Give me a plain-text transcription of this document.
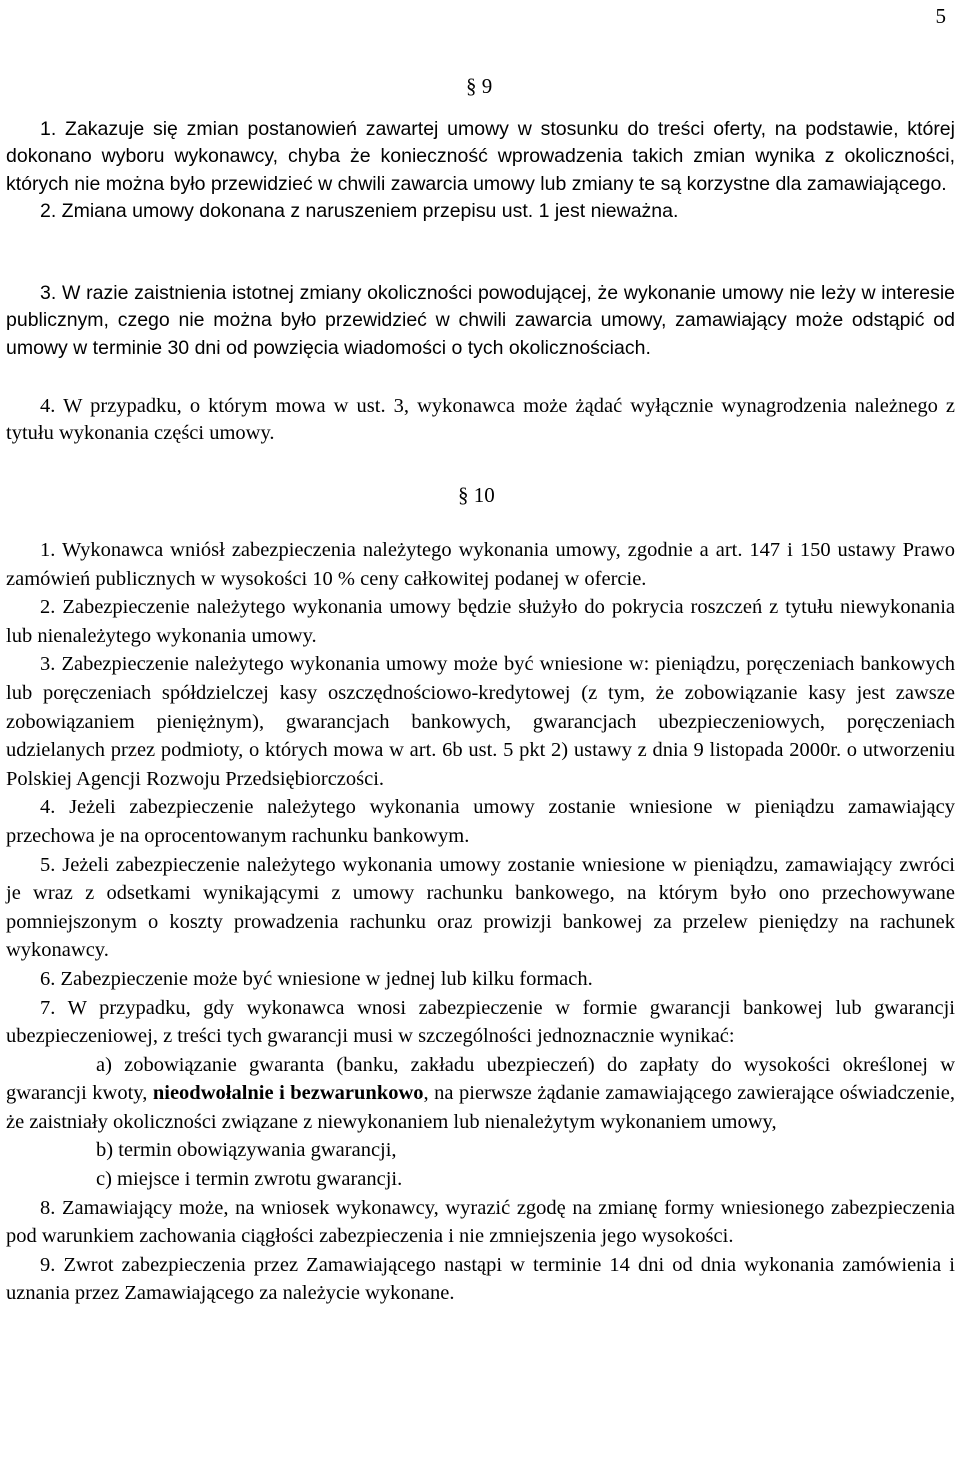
5
§ 9

1. Zakazuje się zmian postanowień zawartej umowy w stosunku do treści oferty, na podstawie, której dokonano wyboru wykonawcy, chyba że konieczność wprowadzenia takich zmian wynika z okoliczności, których nie można było przewidzieć w chwili zawarcia umowy lub zmiany te są korzystne dla zamawiającego.

2. Zmiana umowy dokonana z naruszeniem przepisu ust. 1 jest nieważna.

3. W razie zaistnienia istotnej zmiany okoliczności powodującej, że wykonanie umowy nie leży w interesie publicznym, czego nie można było przewidzieć w chwili zawarcia umowy, zamawiający może odstąpić od umowy w terminie 30 dni od powzięcia wiadomości o tych okolicznościach.

4. W przypadku, o którym mowa w ust. 3, wykonawca może żądać wyłącznie wynagrodzenia należnego z tytułu wykonania części umowy.

§ 10

1. Wykonawca wniósł zabezpieczenia należytego wykonania umowy, zgodnie a art. 147 i 150 ustawy Prawo zamówień publicznych w wysokości 10 % ceny całkowitej podanej w ofercie.

2. Zabezpieczenie należytego wykonania umowy będzie służyło do pokrycia roszczeń z tytułu niewykonania lub nienależytego wykonania umowy.

3. Zabezpieczenie należytego wykonania umowy może być wniesione w: pieniądzu, poręczeniach bankowych lub poręczeniach spółdzielczej kasy oszczędnościowo-kredytowej (z tym, że zobowiązanie kasy jest zawsze zobowiązaniem pieniężnym), gwarancjach bankowych, gwarancjach ubezpieczeniowych, poręczeniach udzielanych przez podmioty, o których mowa w art. 6b ust. 5 pkt 2) ustawy z dnia 9 listopada 2000r. o utworzeniu Polskiej Agencji Rozwoju Przedsiębiorczości.

4. Jeżeli zabezpieczenie należytego wykonania umowy zostanie wniesione w pieniądzu zamawiający przechowa je na oprocentowanym rachunku bankowym.

5. Jeżeli zabezpieczenie należytego wykonania umowy zostanie wniesione w pieniądzu, zamawiający zwróci je wraz z odsetkami wynikającymi z umowy rachunku bankowego, na którym było ono przechowywane pomniejszonym o koszty prowadzenia rachunku oraz prowizji bankowej za przelew pieniędzy na rachunek wykonawcy.

6. Zabezpieczenie może być wniesione w jednej lub kilku formach.

7. W przypadku, gdy wykonawca wnosi zabezpieczenie w formie gwarancji bankowej lub gwarancji ubezpieczeniowej, z treści tych gwarancji musi w szczególności jednoznacznie wynikać:

a) zobowiązanie gwaranta (banku, zakładu ubezpieczeń) do zapłaty do wysokości określonej w gwarancji kwoty, nieodwołalnie i bezwarunkowo, na pierwsze żądanie zamawiającego zawierające oświadczenie, że zaistniały okoliczności związane z niewykonaniem lub nienależytym wykonaniem umowy,

b) termin obowiązywania gwarancji,

c) miejsce i termin zwrotu gwarancji.

8. Zamawiający może, na wniosek wykonawcy, wyrazić zgodę na zmianę formy wniesionego zabezpieczenia pod warunkiem zachowania ciągłości zabezpieczenia i nie zmniejszenia jego wysokości.

9. Zwrot zabezpieczenia przez Zamawiającego nastąpi w terminie 14 dni od dnia wykonania zamówienia i uznania przez Zamawiającego za należycie wykonane.
